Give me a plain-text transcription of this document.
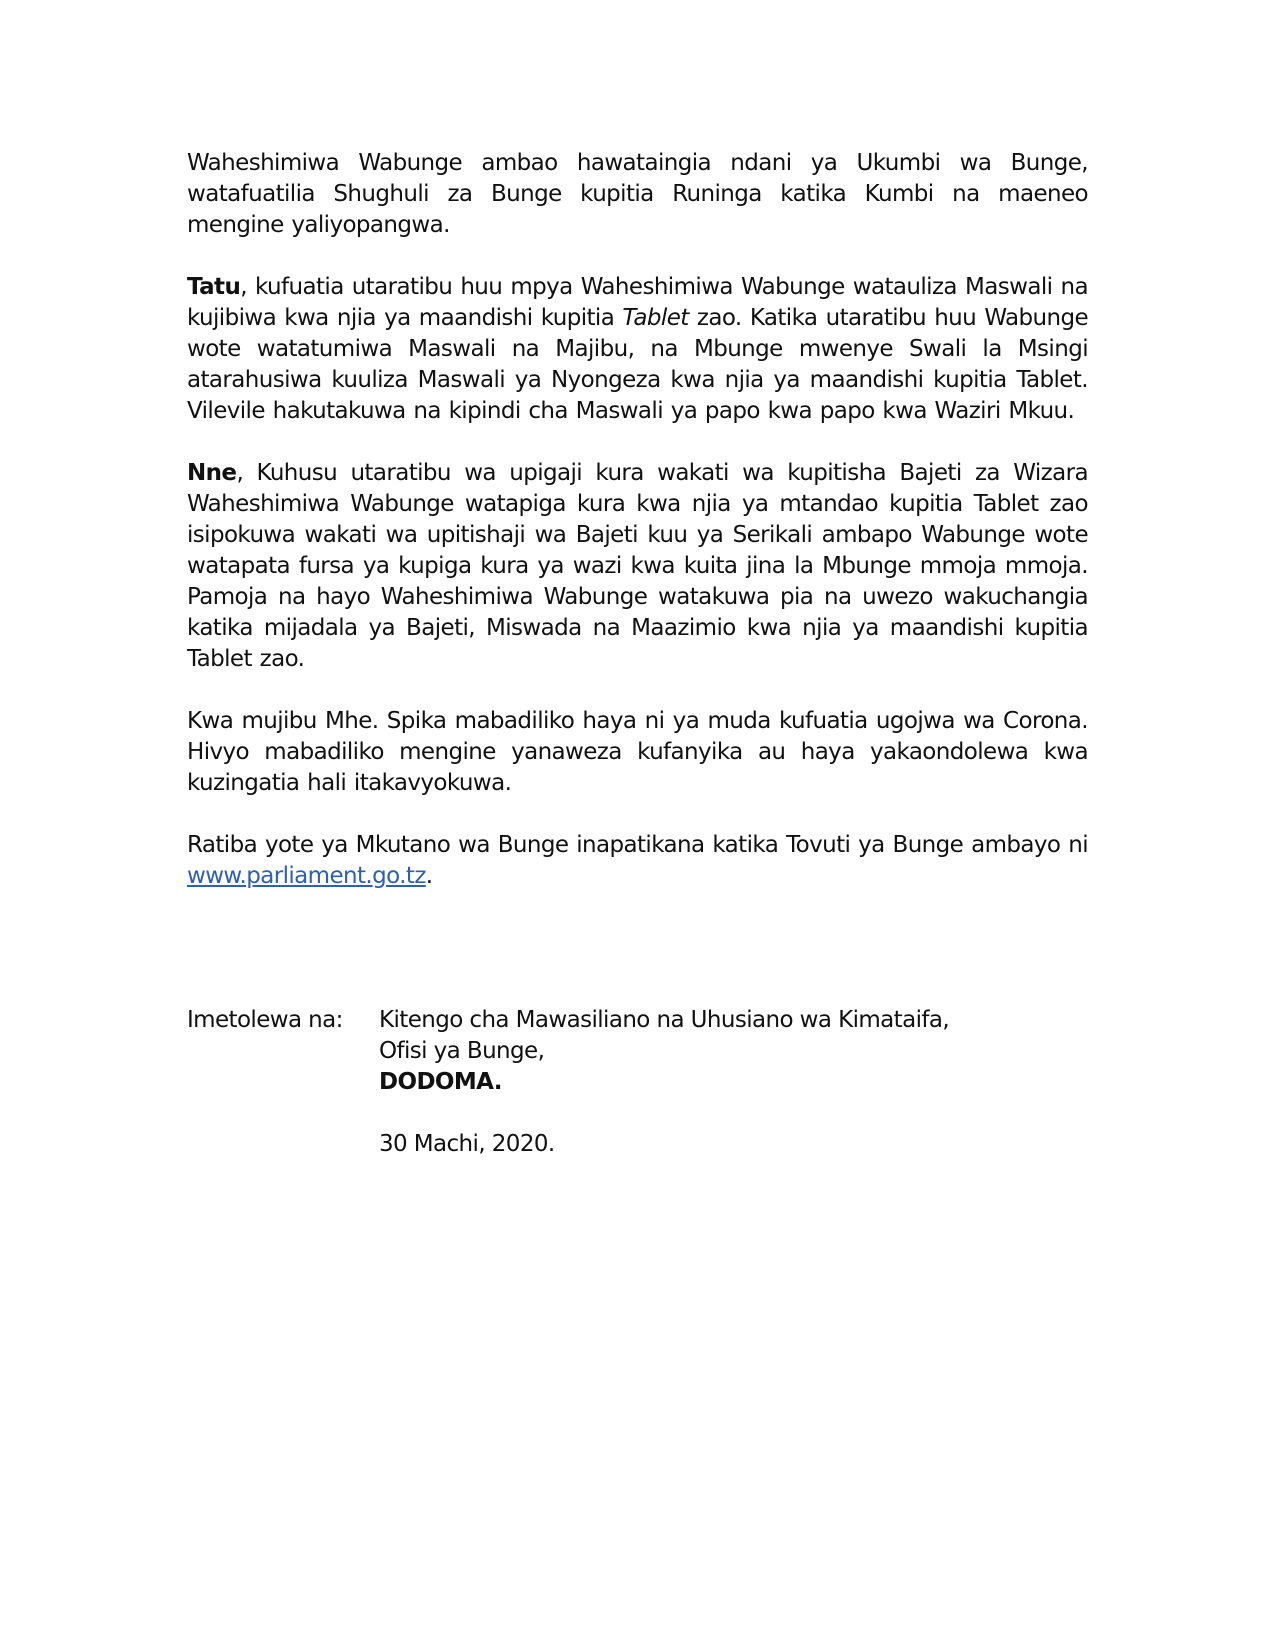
Waheshimiwa Wabunge ambao hawataingia ndani ya Ukumbi wa Bunge, watafuatilia Shughuli za Bunge kupitia Runinga katika Kumbi na maeneo mengine yaliyopangwa.

Tatu, kufuatia utaratibu huu mpya Waheshimiwa Wabunge watauliza Maswali na kujibiwa kwa njia ya maandishi kupitia Tablet zao. Katika utaratibu huu Wabunge wote watatumiwa Maswali na Majibu, na Mbunge mwenye Swali la Msingi atarahusiwa kuuliza Maswali ya Nyongeza kwa njia ya maandishi kupitia Tablet. Vilevile hakutakuwa na kipindi cha Maswali ya papo kwa papo kwa Waziri Mkuu.

Nne, Kuhusu utaratibu wa upigaji kura wakati wa kupitisha Bajeti za Wizara Waheshimiwa Wabunge watapiga kura kwa njia ya mtandao kupitia Tablet zao isipokuwa wakati wa upitishaji wa Bajeti kuu ya Serikali ambapo Wabunge wote watapata fursa ya kupiga kura ya wazi kwa kuita jina la Mbunge mmoja mmoja. Pamoja na hayo Waheshimiwa Wabunge watakuwa pia na uwezo wakuchangia katika mijadala ya Bajeti, Miswada na Maazimio kwa njia ya maandishi kupitia Tablet zao.

Kwa mujibu Mhe. Spika mabadiliko haya ni ya muda kufuatia ugojwa wa Corona. Hivyo mabadiliko mengine yanaweza kufanyika au haya yakaondolewa kwa kuzingatia hali itakavyokuwa.

Ratiba yote ya Mkutano wa Bunge inapatikana katika Tovuti ya Bunge ambayo ni www.parliament.go.tz.

Imetolewa na:	Kitengo cha Mawasiliano na Uhusiano wa Kimataifa,
Ofisi ya Bunge,
DODOMA.
30 Machi, 2020.
